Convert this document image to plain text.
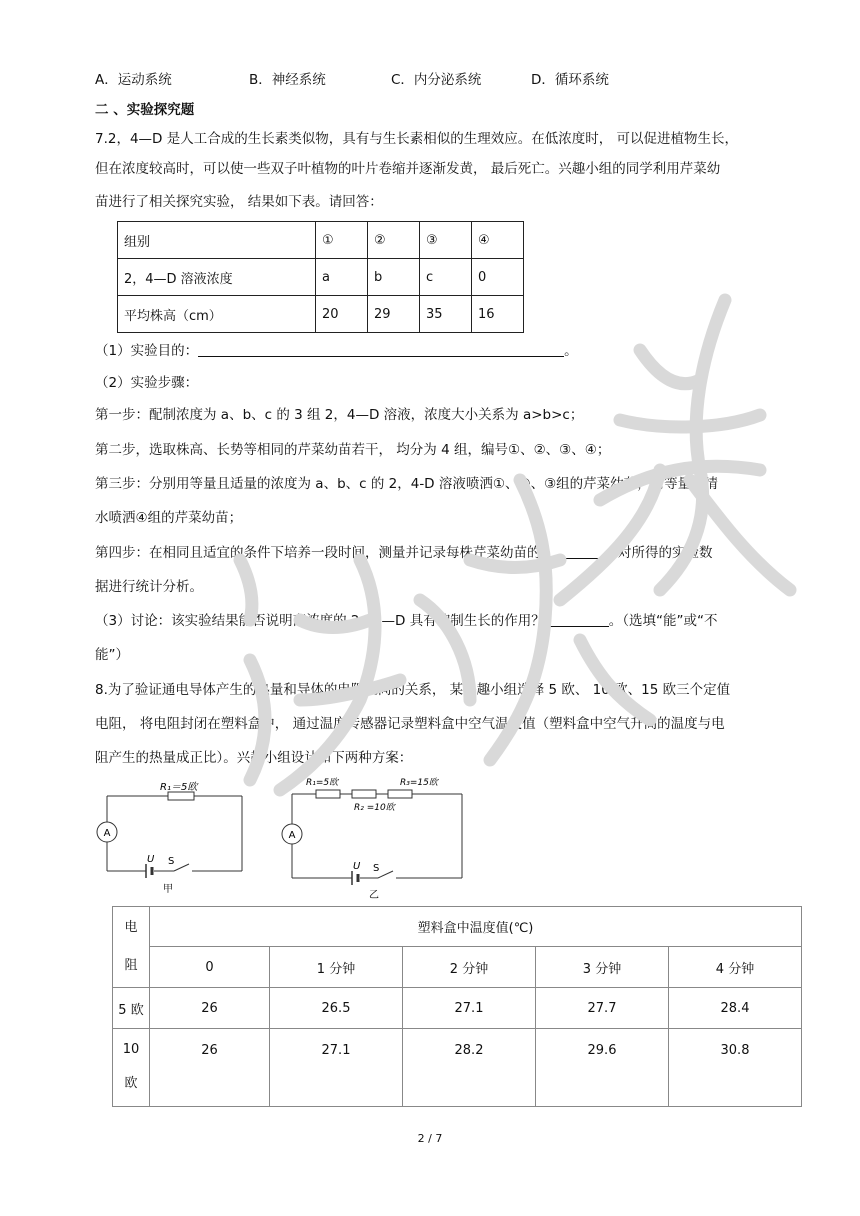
A．运动系统	B．神经系统	C．内分泌系统	D．循环系统
二 、实验探究题
7.2，4—D 是人工合成的生长素类似物，具有与生长素相似的生理效应。在低浓度时， 可以促进植物生长，
但在浓度较高时，可以使一些双子叶植物的叶片卷缩并逐渐发黄， 最后死亡。兴趣小组的同学利用芹菜幼
苗进行了相关探究实验， 结果如下表。请回答：
组别	①	②	③	④
2，4—D 溶液浓度	a	b	c	0
平均株高（cm）	20	29	35	16
（1）实验目的：	。
（2）实验步骤：
第一步：配制浓度为 a、b、c 的 3 组 2，4—D 溶液，浓度大小关系为 a>b>c；
第二步，选取株高、长势等相同的芹菜幼苗若干， 均分为 4 组，编号①、②、③、④；
第三步：分别用等量且适量的浓度为 a、b、c 的 2，4-D 溶液喷洒①、②、③组的芹菜幼苗，用等量的清
水喷洒④组的芹菜幼苗；
第四步：在相同且适宜的条件下培养一段时间，测量并记录每株芹菜幼苗的	，对所得的实验数
据进行统计分析。
（3）讨论：该实验结果能否说明高浓度的 2，4—D 具有抑制生长的作用？	。（选填“能”或“不
能”）
8.为了验证通电导体产生的热量和导体的电阻之间的关系， 某兴趣小组选择 5 欧、 10 欧、15 欧三个定值
电阻， 将电阻封闭在塑料盒中， 通过温度传感器记录塑料盒中空气温度值（塑料盒中空气升高的温度与电
阻产生的热量成正比）。兴趣小组设计如下两种方案：
R₁＝5欧
A
U S
甲
R₁=5欧
R₂ =10欧
R₃=15欧
A
U S
乙
电
阻	塑料盒中温度值(℃)				
	0	1 分钟	2 分钟	3 分钟	4 分钟
5 欧	26	26.5	27.1	27.7	28.4
10
欧	26	27.1	28.2	29.6	30.8
2 / 7
